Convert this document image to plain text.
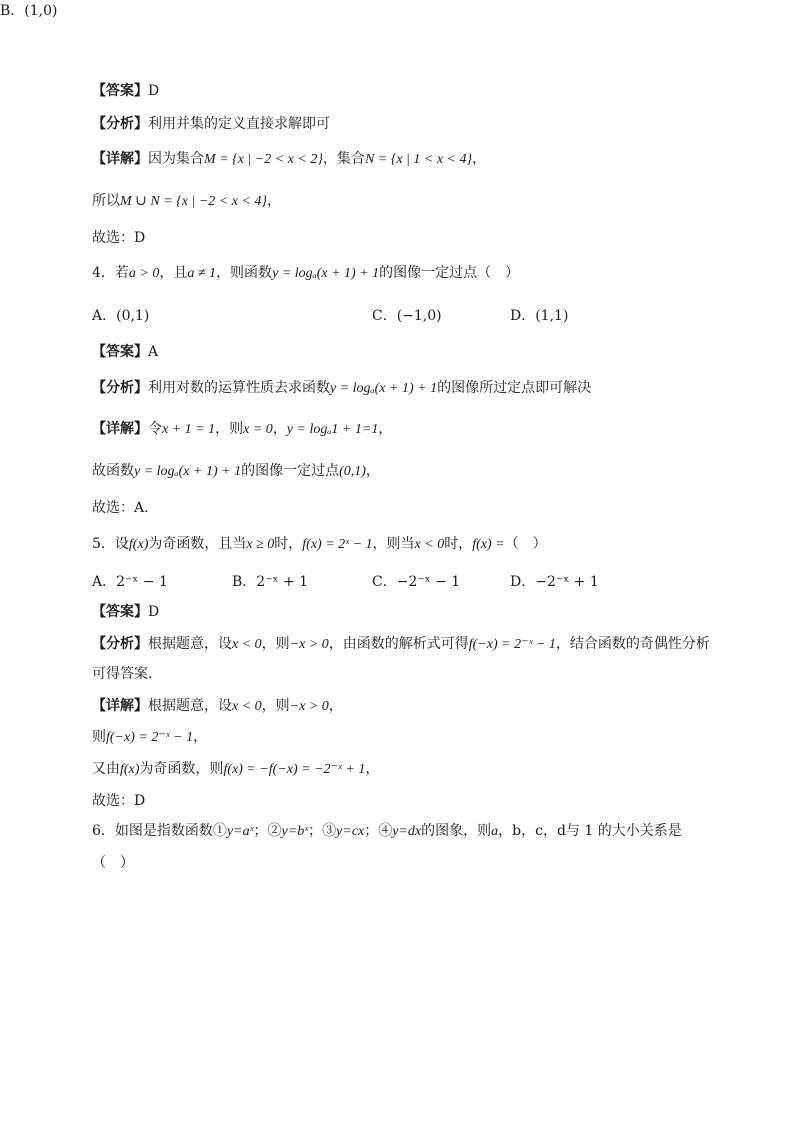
【答案】D
【分析】利用并集的定义直接求解即可
【详解】因为集合M = {x | −2 < x < 2}，集合N = {x | 1 < x < 4}，
所以M ∪ N = {x | −2 < x < 4}，
故选：D
4．若a > 0，且a ≠ 1，则函数y = logₐ(x + 1) + 1的图像一定过点（　）
A．(0,1)
B．(1,0)
C．(−1,0)	D．(1,1)
【答案】A
【分析】利用对数的运算性质去求函数y = logₐ(x + 1) + 1的图像所过定点即可解决
【详解】令x + 1 = 1，则x = 0，y = logₐ1 + 1=1，
故函数y = logₐ(x + 1) + 1的图像一定过点(0,1)，
故选：A.
5．设f(x)为奇函数，且当x ≥ 0时，f(x) = 2ˣ − 1，则当x < 0时，f(x) =（　）
A．2⁻ˣ − 1	B．2⁻ˣ + 1	C．−2⁻ˣ − 1	D．−2⁻ˣ + 1
【答案】D
【分析】根据题意，设x < 0，则−x > 0，由函数的解析式可得f(−x) = 2⁻ˣ − 1，结合函数的奇偶性分析
可得答案．
【详解】根据题意，设x < 0，则−x > 0，
则f(−x) = 2⁻ˣ − 1，
又由f(x)为奇函数，则f(x) = −f(−x) = −2⁻ˣ + 1，
故选：D
6．如图是指数函数①y=aˣ；②y=bˣ；③y=cx；④y=dx的图象，则a，b，c，d与 1 的大小关系是
（　）
